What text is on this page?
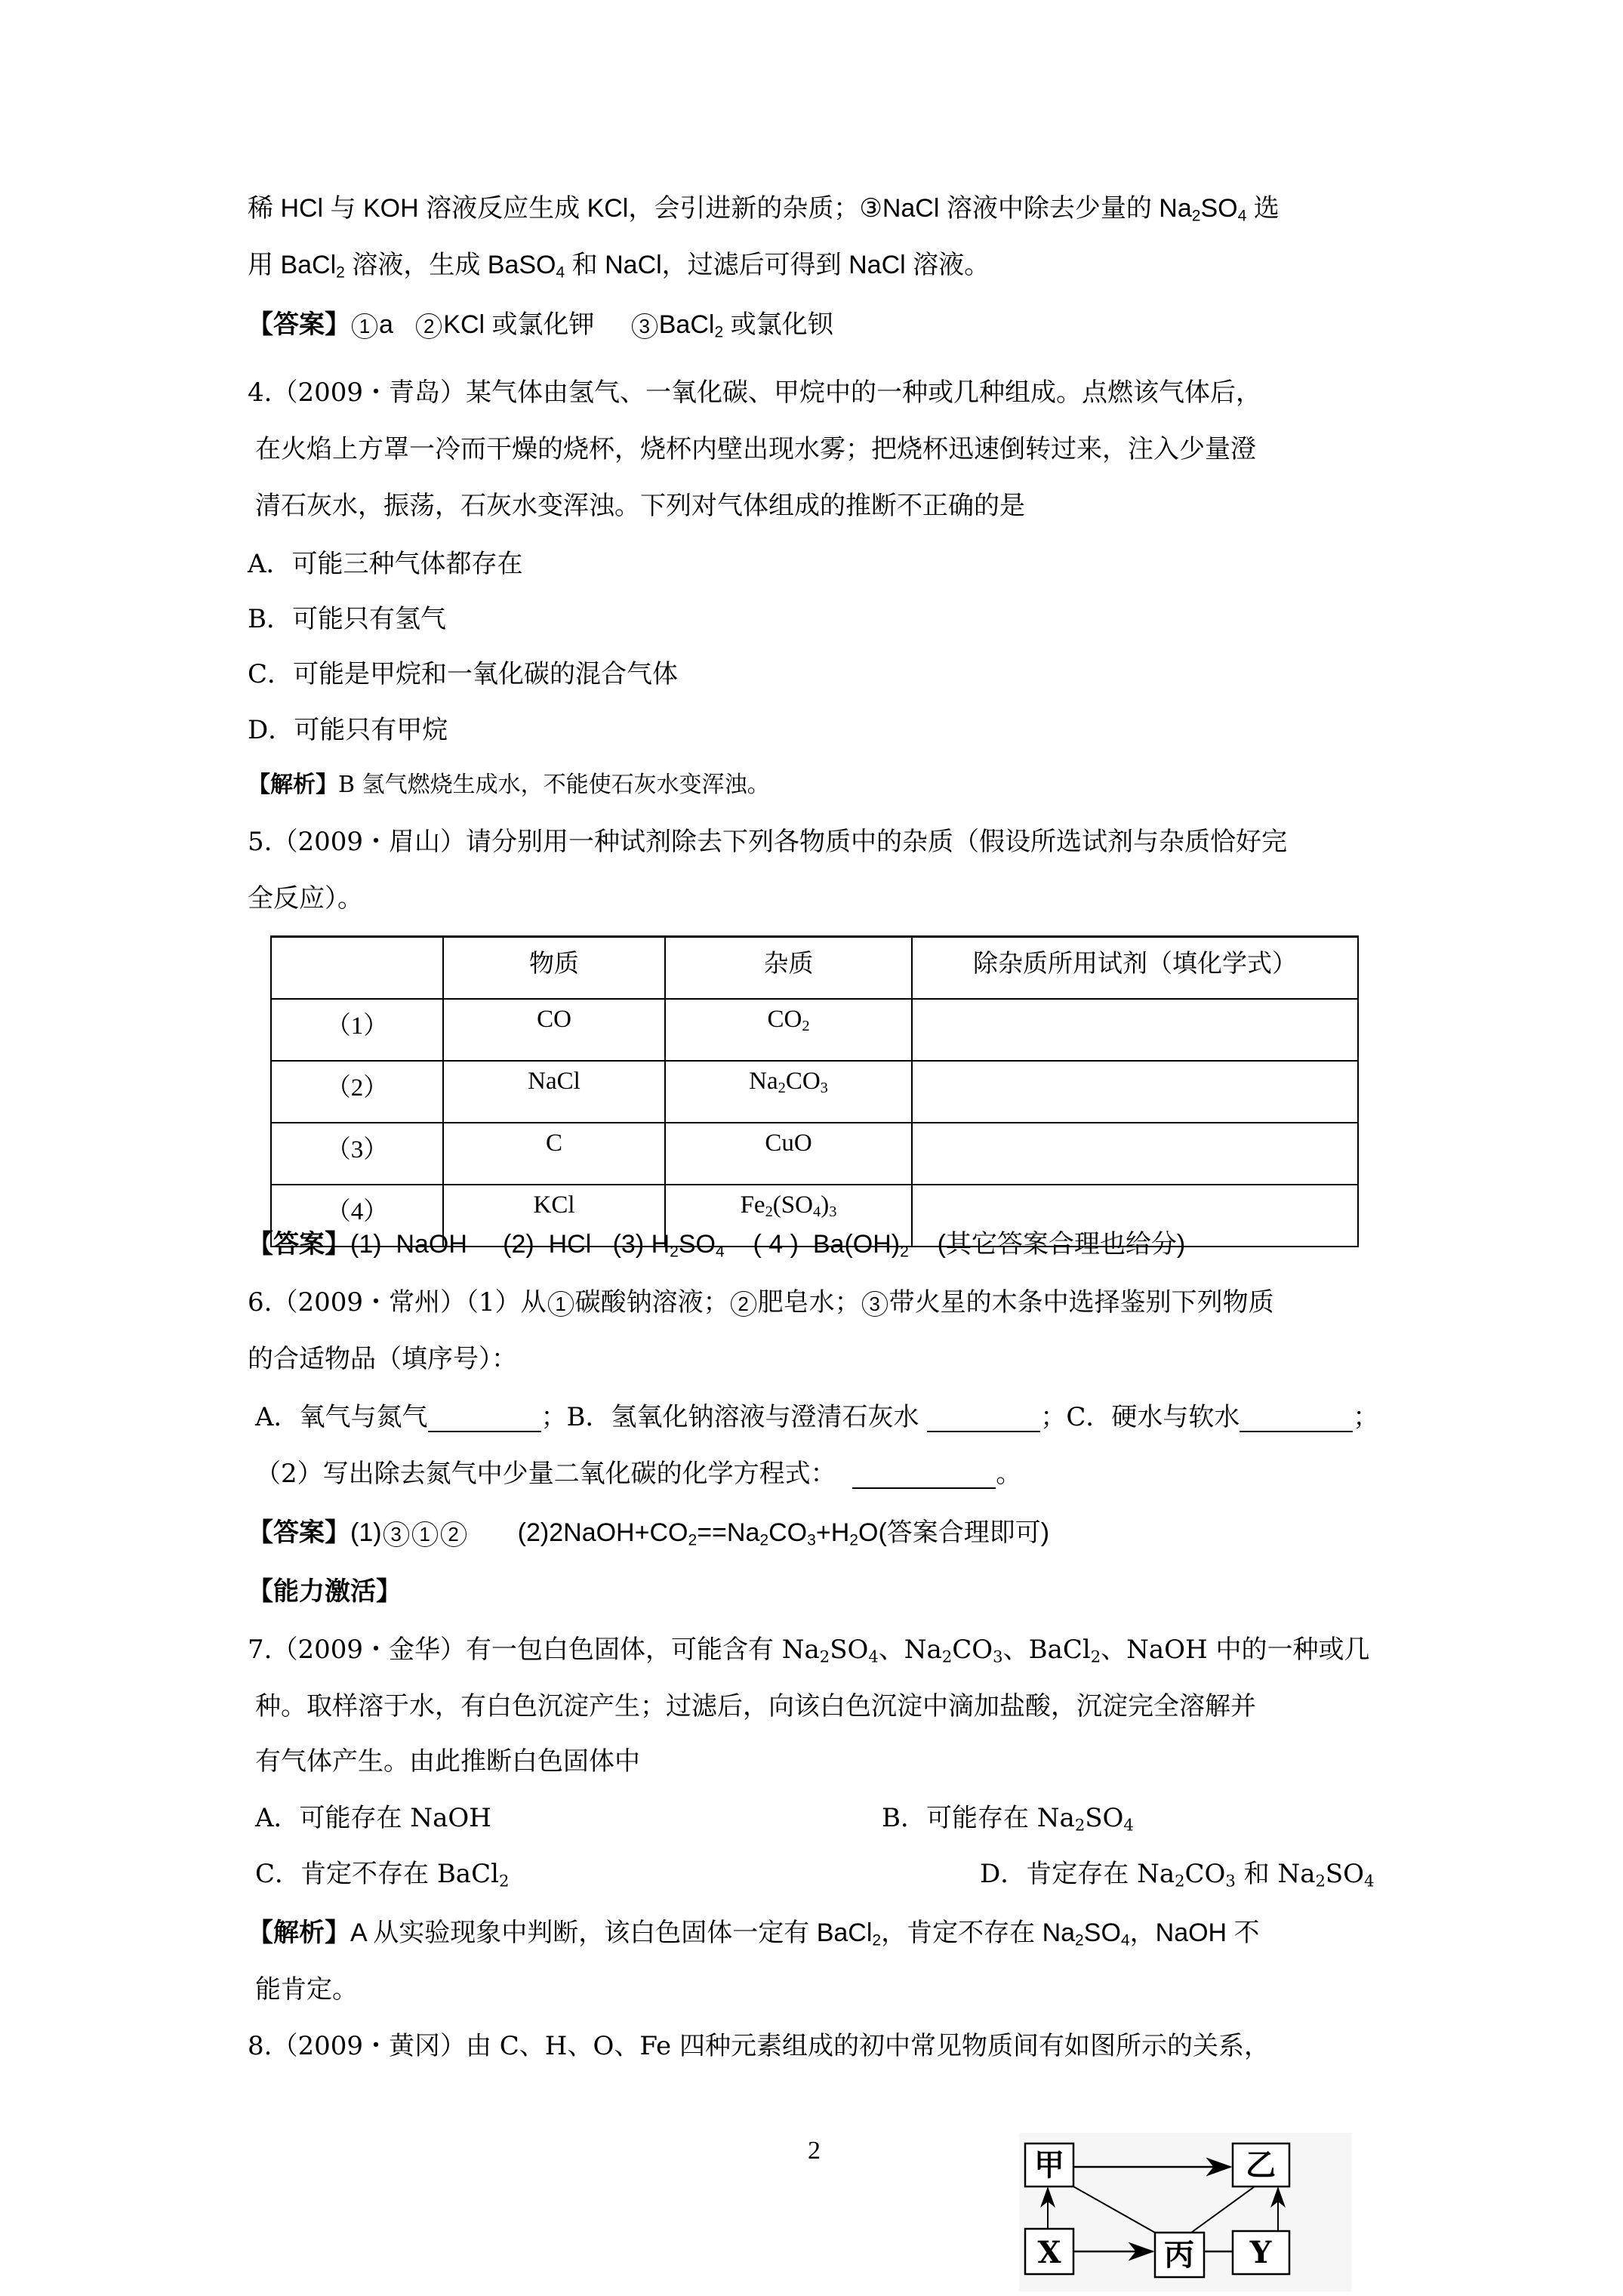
稀 HCl 与 KOH 溶液反应生成 KCl，会引进新的杂质；③NaCl 溶液中除去少量的 $Na_2SO_4$ 选
用 BaCl$_2$ 溶液，生成 BaSO$_4$ 和 NaCl，过滤后可得到 NaCl 溶液。
【答案】 1 a 2 KCl 或氯化钾 3 BaCl$_2$ 或氯化钡
4.（2009・青岛）某气体由氢气、一氧化碳、甲烷中的一种或几种组成。点燃该气体后，
在火焰上方罩一冷而干燥的烧杯，烧杯内壁出现水雾；把烧杯迅速倒转过来，注入少量澄
清石灰水，振荡，石灰水变浑浊。下列对气体组成的推断不正确的是
A．可能三种气体都存在
B．可能只有氢气
C．可能是甲烷和一氧化碳的混合气体
D．可能只有甲烷
【解析】B 氢气燃烧生成水，不能使石灰水变浑浊。
5.（2009・眉山）请分别用一种试剂除去下列各物质中的杂质（假设所选试剂与杂质恰好完
全反应）。
	物质	杂质	除杂质所用试剂（填化学式）
（1）	CO	$CO_2$	
（2）	NaCl	$Na_2CO_3$	
（3）	C	CuO	
（4）	KCl	$Fe_2(SO_4)_3$	
【答案】(1)  NaOH     (2)  HCl   (3) $H_2SO_4$    ( 4 )  $Ba(OH)_2$    (其它答案合理也给分)
6.（2009・常州）（1）从 1 碳酸钠溶液； 2 肥皂水； 3 带火星的木条中选择鉴别下列物质
的合适物品（填序号）：
A．氧气与氮气	；B．氢氧化钠溶液与澄清石灰水	；C．硬水与软水	；
（2）写出除去氮气中少量二氧化碳的化学方程式：	。
【答案】(1) 3 1 2       $(2)2NaOH+CO_2==Na_2CO_3+H_2O$(答案合理即可)
【能力激活】
7.（2009・金华）有一包白色固体，可能含有 $Na_2SO_4$、$Na_2CO_3$、BaCl$_2$、NaOH 中的一种或几
种。取样溶于水，有白色沉淀产生；过滤后，向该白色沉淀中滴加盐酸，沉淀完全溶解并
有气体产生。由此推断白色固体中
A．可能存在 NaOH	B．可能存在 $Na_2SO_4$
C．肯定不存在 BaCl$_2$	D．肯定存在 $Na_2CO_3$ 和 $Na_2SO_4$
【解析】A 从实验现象中判断，该白色固体一定有 BaCl$_2$，肯定不存在 $Na_2SO_4$，NaOH 不
能肯定。
8.（2009・黄冈）由 C、H、O、Fe 四种元素组成的初中常见物质间有如图所示的关系，
2	甲	乙
X	丙 Y
